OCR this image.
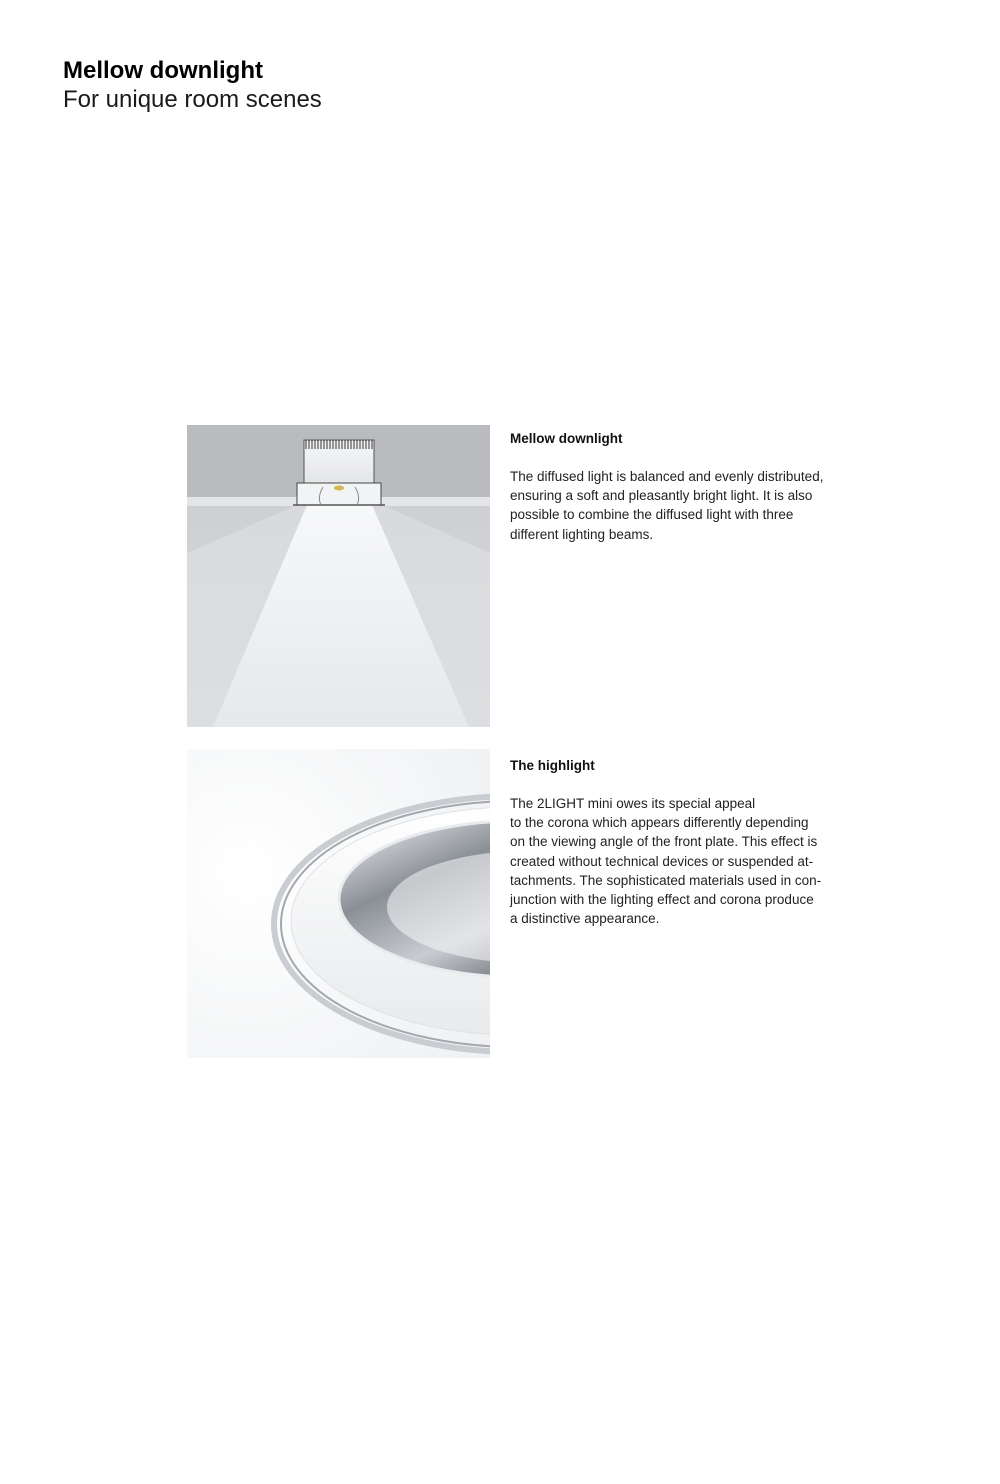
Mellow downlight
For unique room scenes
Mellow downlight

The diffused light is balanced and evenly distributed,
ensuring a soft and pleasantly bright light. It is also
possible to combine the diffused light with three
different lighting beams.

The highlight

The 2LIGHT mini owes its special appeal
to the corona which appears differently depending
on the viewing angle of the front plate. This effect is
created without technical devices or suspended at-
tachments. The sophisticated materials used in con-
junction with the lighting effect and corona produce
a distinctive appearance.
